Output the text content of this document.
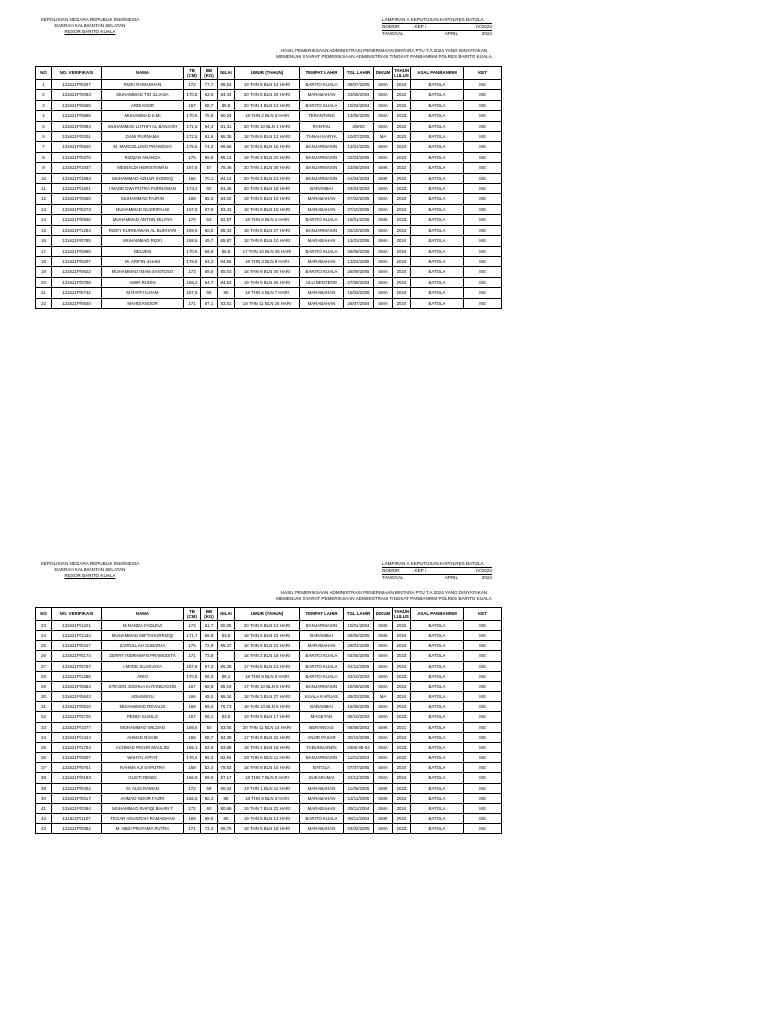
KEPOLISIAN NEGARA REPUBLIK INDONESIA
DAERAH KALIMANTAN SELATAN
RESOR BARITO KUALA
LAMPIRAN A KEPUTUSAN KAPOLRES BATOLA
NOMOR	: KEP /	IV/2024
TANGGAL	APRIL	2024
HASIL PEMERIKSAAN ADMINISTRASI PENERIMAAN BINTARA PTU T.A 2024 YANG DINYATAKAN
MEMENUHI SYARAT PEMERIKSAAN ADMINISTRASI TINGKAT PANBANRIM POLRES BARITO KUALA
NO	NO. VERIFIKASI	NAMA	TB (CM)	BB (KG)	NILAI	UMUR (TAHUN)	TEMPAT LAHIR	TGL LAHIR	DIKUM	TAHUN LULUS	ASAL PANBANRIM	KET
1	131621P/0297	RIZKI RAMADHAN	172	77,7	88,63	19 THN 8 BLN 14 HARI	BARITO KUALA	08/07/2005	SMA	2024	BATOLA	MS
2	131621P/0083	MUHAMMAD TIO ILLIASA	170,5	63,9	84,44	20 THN 8 BLN 29 HARI	MARABAHAN	23/06/2004	SMA	2022	BATOLA	MS
3	131621P/0665	ARDIANOR	167	58,7	85,8	20 THN 4 BLN 12 HARI	BARITO KUALA	10/03/2004	SMA	2022	BATOLA	MS
4	131621P/0866	MUHAMMAD ILMI	170,5	75,6	90,34	19 THN 2 BLN 3 HARI	TERANTANG	13/05/2005	SMA	2023	BATOLA	MS
5	131621P/0994	MUHAMMAD LUTHFI AL BANJARI	171,5	64,4	81,31	20 THN 10 BLN 1 HARI	RANTAU	3/9/03	SMA	2022	BATOLA	MS
6	131621P/0201	DANI PURNAMA	172,5	61,6	86,35	18 THN 8 BLN 12 HARI	TANAH KARYA	10/07/2005	MA	2023	BATOLA	MS
7	131621P/0620	M. MARCELLINO PRAMOSO	175,5	74,2	89,66	18 THN 6 BLN 16 HARI	BANJARMASIN	12/01/2005	SMA	2024	BATOLA	MS
8	131621P/0370	RIZQAN ANANDA	175	55,6	85,13	19 THN 3 BLN 20 HARI	BANJARMASIN	02/04/2005	SMA	2023	BATOLA	MS
9	131621P/1037	MEINALDI HERISTAWAN	167,8	57	78,46	20 THN 1 BLN 29 HARI	BANJARMASIN	23/05/2004	SMK	2022	BATOLA	MS
10	131621P/1683	MUHAMMAD AZHAR SHODIQ	166	70,1	84,14	20 THN 3 BLN 21 HARI	BANJARMASIN	01/04/2004	SMK	2022	BATOLA	MS
11	131621P/1601	I MADE DWI PUTRA PURNAMAN	173,4	80	81,45	20 THN 3 BLN 18 HARI	BARAMBAI	04/04/2004	SMA	2023	BATOLA	MS
12	131621P/0560	MUHAMMAD FAJRIN	169	65,3	84,02	19 THN 5 BLN 15 HARI	MARABAHAN	07/02/2005	SMA	2023	BATOLA	MS
13	131621P/0273	MUHAMMAD NUSRIPALNI	167,5	57,9	83,43	18 THN 9 BLN 15 HARI	MARABAHAN	07/10/2005	SMA	2024	BATOLA	MS
14	131621P/0930	MUHAMMAD ANTON MUJIYA	170	63	82,57	18 THN 6 BLN 4 HARI	BARITO KUALA	18/01/2006	SMK	2023	BATOLA	MS
15	131621P/1254	RIZKY KURNIAWAN AL BUKHARI	169,5	60,5	86,43	18 THN 8 BLN 27 HARI	BANJARMASIN	25/10/2005	SMA	2024	BATOLA	MS
16	131621P/0785	MUHAMMAD RIZKI	168,5	49,7	85,87	18 THN 6 BLN 10 HARI	MARABAHAN	12/01/2006	SMA	2024	BATOLA	MS
17	131621P/0890	NELVEN	170,5	58,9	86,8	17 THN 10 BLN 26 HARI	BARITO KUALA	26/08/2006	SMA	2024	BATOLA	MS
18	131621P/0207	M. ARIFIN ILHAM	178,5	63,2	84,56	18 THN 3 BLN 9 HARI	MARABAHAN	13/04/2006	SMA	2024	BATOLA	MS
19	131621P/0622	MUHAMMAD IMAM SANTOSO	173	68,6	85,03	18 THN 9 BLN 20 HARI	BARITO KUALA	26/09/2005	SMA	2024	BATOLA	MS
20	131621P/0788	AMIR RUDIN	168,2	64,7	84,63	19 THN 9 BLN 25 HARI	ULU BENTENG	27/09/2004	SMA	2024	BATOLA	MS
21	131621P/0742	M.RAFFI ILHAM	167,5	66	86	18 THN 4 BLN 7 HARI	MARABAHAN	15/03/2006	SMA	2024	BATOLA	MS
22	131621P/0640	MAHDIANOOR	171	67,1	83,51	19 THN 11 BLN 26 HARI	MARABAHAN	26/07/2004	SMA	2024	BATOLA	MS
KEPOLISIAN NEGARA REPUBLIK INDONESIA
DAERAH KALIMANTAN SELATAN
RESOR BARITO KUALA
LAMPIRAN A KEPUTUSAN KAPOLRES BATOLA
NOMOR	: KEP /	IV/2024
TANGGAL	APRIL	2024
HASIL PEMERIKSAAN ADMINISTRASI PENERIMAAN BINTARA PTU T.A 2024 YANG DINYATAKAN
MEMENUHI SYARAT PEMERIKSAAN ADMINISTRASI TINGKAT PANBANRIM POLRES BARITO KUALA
NO	NO. VERIFIKASI	NAMA	TB (CM)	BB (KG)	NILAI	UMUR (TAHUN)	TEMPAT LAHIR	TGL LAHIR	DIKUM	TAHUN LULUS	ASAL PANBANRIM	KET
23	131621P/1221	M.NANDA FADLEVI	173	51,7	80,05	20 THN 6 BLN 12 HARI	BANJARMASIN	10/01/2004	SMK	2022	BATOLA	MS
24	131621P/1434	MUHAMMAD MIFTAHURRIZQI	171,7	56,9	83,8	18 THN 5 BLN 23 HARI	BARAMBAI	29/06/2005	SMK	2024	BATOLA	MS
25	131621P/0417	ZAIRULLAH SUBARJA	175	72,9	85,47	18 THN 5 BLN 23 HARI	MARABAHAN	29/01/2006	SMA	2024	BATOLA	MS
26	131621P/0174	ZERRY INDRAWAN PRAMUDITA	171	73,8		18 THN 2 BLN 18 HARI	BARITO KUALA	04/05/2005	SMA	2023	BATOLA	MS
27	131621P/0757	I MADE SUARJAYA	167,5	67,3	85,28	17 THN 8 BLN 21 HARI	BARITO KUALA	01/11/2006	SMA	2024	BATOLA	MS
28	131621P/1286	ARIO	170,5	69,3	85,1	19 THN 9 BLN 0 HARI	BARITO KUALA	22/10/2004	SMA	2023	BATOLA	MS
29	131621P/0584	STEVEN JOSHUA KATANDAGHO	167	68,8	86,19	17 THN 10 BLN 6 HARI	BANJARMASIN	16/09/2006	SMA	2024	BATOLA	MS
30	131621P/0643	ADIANNYU	166	49,2	86,34	18 THN 3 BLN 27 HARI	KUALA KAPUAS	25/03/2006	MA	2024	BATOLA	MS
31	131621P/0910	MUHAMMAD REVALDI	168	59,4	76,73	18 THN 10 BLN 5 HARI	BARAMBAI	16/09/2005	SMA	2023	BATOLA	MS
32	131621P/0725	PENDI SUSILO	167	65,1	83,6	19 THN 9 BLN 17 HARI	MAGETAN	05/10/2004	SMA	2023	BATOLA	MS
33	131621P/1077	MUHAMMAD WILDAN	169,5	50	83,05	20 THN 11 BLN 14 HARI	BERANGAS	08/08/2003	SMK	2021	BATOLA	MS
34	131621P/1344	AHMAD RAGIB	168	58,7	84,39	17 THN 8 BLN 22 HARI	ANJIR PASAR	30/10/2006	SMA	2024	BATOLA	MS
35	131621P/1753	ACHMAD RIDHO MAULIDI	165,1	52,9	83,68	19 THN 2 BLN 18 HARI	TABUNGANEN	2005-05-04	SMA	2023	BATOLA	MS
36	131621P/0607	WAHYU AFFAT	170,4	55,3	82,94	20 THN 6 BLN 11 HARI	BANJARMASIN	11/01/2004	SMA	2022	BATOLA	MS
37	131621P/0751	RAHMA AJI SAPUTRA	168	52,4	79,53	18 THN 8 BLN 15 HARI	BATOLA	07/07/2005	SMA	2024	BATOLA	MS
38	131621P/0183	GUSTI RENDI	166,5	69,9	87,17	18 THN 7 BLN 0 HARI	SUKARAMAI	22/12/2005	SMA	2024	BATOLA	MS
39	131621P/0402	M. ALDI RAMAN	172	59	80,44	19 THN 1 BLN 11 HARI	MARABAHAN	11/06/2005	SMK	2023	BATOLA	MS
40	131621P/0017	AHMAD NOOR FAZRI	165,5	50,4	85	18 THN 8 BLN 3 HARI	MARABAHAN	13/11/2005	SMK	2024	BATOLA	MS
41	131621P/0384	MUHAMMAD RAFIQI BAHRI T	172	60	80,69	19 THN 7 BLN 23 HARI	MARABAHAN	29/11/2004	SMA	2024	BATOLA	MS
42	131621P/1107	TEGAR ANUGRAH RAMADHAN	169	69,8	80	19 THN 5 BLN 13 HARI	BARITO KUALA	09/11/2004	SMK	2022	BATOLA	MS
43	131621P/0382	M. ABDI PRATAMA PUTRA	171	73,4	85,75	18 THN 5 BLN 18 HARI	MARABAHAN	04/02/2005	SMA	2023	BATOLA	MS
